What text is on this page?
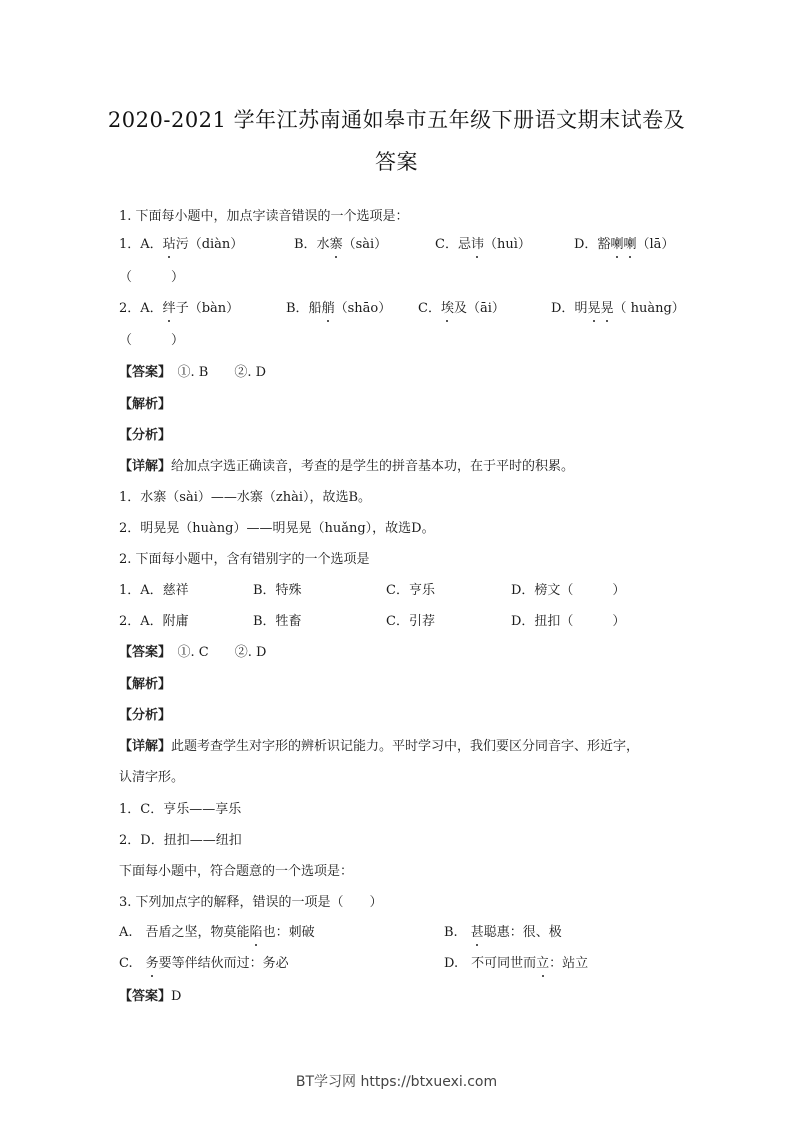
2020-2021 学年江苏南通如皋市五年级下册语文期末试卷及
答案
1. 下面每小题中，加点字读音错误的一个选项是：
1．A．玷污（diàn）	B．水寨（sài）	C．忌讳（huì）	D．豁喇喇（lā）
（　　　）
2．A．绊子（bàn）	B．船艄（shāo） C．埃及（āi）	D．明晃晃（ huàng）
（　　　）
【答案】　①. B　　②. D
【解析】
【分析】
【详解】给加点字选正确读音，考查的是学生的拼音基本功，在于平时的积累。
1．水寨（sài）——水寨（zhài），故选B。
2．明晃晃（huàng）——明晃晃（huǎng），故选D。
2. 下面每小题中，含有错别字的一个选项是
1．A．慈祥	B．特殊	C．亨乐	D．榜文（　　　）
2．A．附庸	B．牲畜	C．引荐	D．扭扣（　　　）
【答案】　①. C　　②. D
【解析】
【分析】
【详解】此题考查学生对字形的辨析识记能力。平时学习中，我们要区分同音字、形近字，
认清字形。
1．C．亨乐——享乐
2．D．扭扣——纽扣
下面每小题中，符合题意的一个选项是：
3. 下列加点字的解释，错误的一项是（　　）
A.　吾盾之坚，物莫能陷也：刺破	B.　甚聪惠：很、极
C.　务要等伴结伙而过：务必	D.　不可同世而立：站立
【答案】D
BT学习网 https://btxuexi.com
